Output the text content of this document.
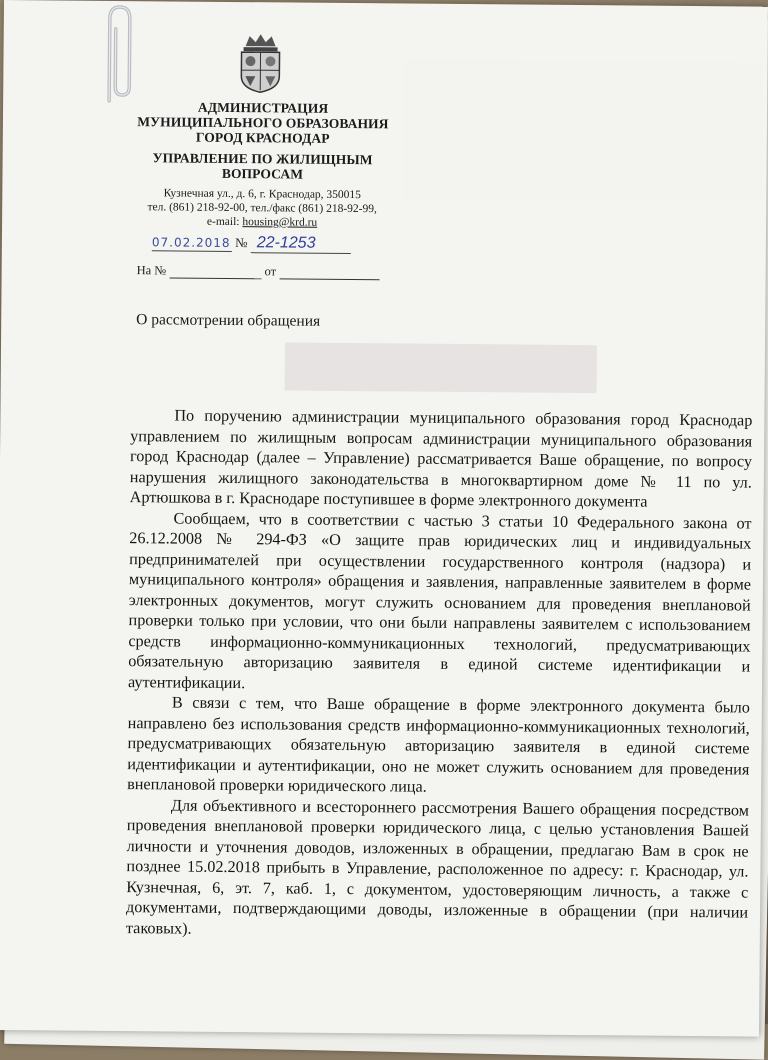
АДМИНИСТРАЦИЯ
МУНИЦИПАЛЬНОГО ОБРАЗОВАНИЯ
ГОРОД КРАСНОДАР
УПРАВЛЕНИЕ ПО ЖИЛИЩНЫМ
ВОПРОСАМ
Кузнечная ул., д. 6, г. Краснодар, 350015
тел. (861) 218-92-00, тел./факс (861) 218-92-99,
e-mail: housing@krd.ru
07.02.2018 № 22-1253
На №	от
О рассмотрении обращения

По поручению администрации муниципального образования город Краснодар управлением по жилищным вопросам администрации муниципального образования город Краснодар (далее – Управление) рассматривается Ваше обращение, по вопросу нарушения жилищного законодательства в многоквартирном доме № 11 по ул. Артюшкова в г. Краснодаре поступившее в форме электронного документа

Сообщаем, что в соответствии с частью 3 статьи 10 Федерального закона от 26.12.2008 № 294-ФЗ «О защите прав юридических лиц и индивидуальных предпринимателей при осуществлении государственного контроля (надзора) и муниципального контроля» обращения и заявления, направленные заявителем в форме электронных документов, могут служить основанием для проведения внеплановой проверки только при условии, что они были направлены заявителем с использованием средств информационно-коммуникационных технологий, предусматривающих обязательную авторизацию заявителя в единой системе идентификации и аутентификации.

В связи с тем, что Ваше обращение в форме электронного документа было направлено без использования средств информационно-коммуникационных технологий, предусматривающих обязательную авторизацию заявителя в единой системе идентификации и аутентификации, оно не может служить основанием для проведения внеплановой проверки юридического лица.

Для объективного и всестороннего рассмотрения Вашего обращения посредством проведения внеплановой проверки юридического лица, с целью установления Вашей личности и уточнения доводов, изложенных в обращении, предлагаю Вам в срок не позднее 15.02.2018 прибыть в Управление, расположенное по адресу: г. Краснодар, ул. Кузнечная, 6, эт. 7, каб. 1, с документом, удостоверяющим личность, а также с документами, подтверждающими доводы, изложенные в обращении (при наличии таковых).
